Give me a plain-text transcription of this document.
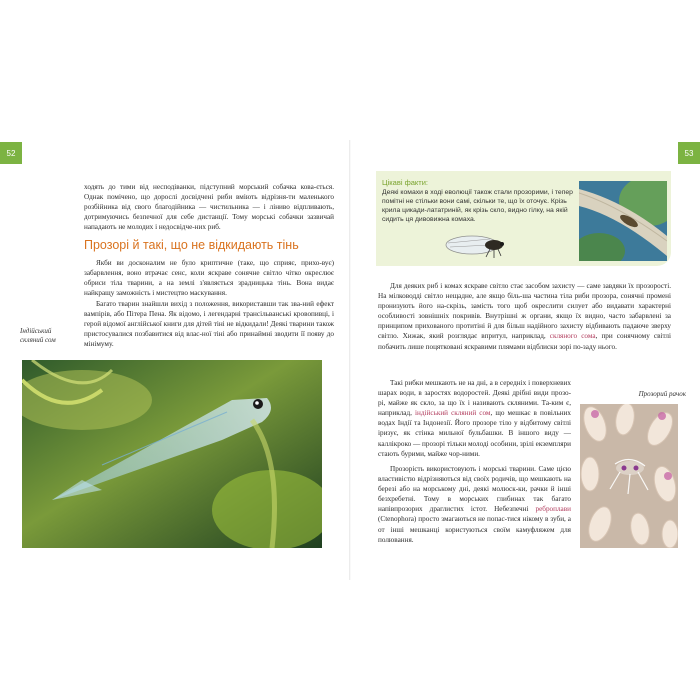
52	53

ходять до тими від несподіванки, підступний морський собачка кова-ється. Однак помічено, що дорослі досвідчені риби вміють відрізня-ти маленького розбійника від свого благодійника — чистильника — і ліниво відпливають, дотримуючись безпечної для себе дистанції. Тому морські собачки зазвичай нападають не молодих і недосвідче-них риб.

Прозорі й такі, що не відкидають тінь

Якби ви досконалим не було криптичне (таке, що сприяє, прихо-вує) забарвлення, воно втрачає сенс, коли яскраве сонячне світло чітко окреслює обриси тіла тварини, а на землі з'являється зрадницька тінь. Вона видає найкращу заможність і мистецтво маскування.

Багато тварин знайшли вихід з положення, використавши так зва-ний ефект вампірів, або Пітера Пена. Як відомо, і легендарні трансільванські кровопивці, і герой відомої англійської книги для дітей тіні не відкидали! Деякі тварини також пристосувалися позбавитися від влас-ної тіні або принаймні зводити її появу до мінімуму.

Індійський скляний сом
Цікаві факти:
Деякі комахи в ході еволюції також стали прозорими, і тепер помітні не стільки вони самі, скільки те, що їх оточує. Крізь крила цикади-лататриній, як крізь скло, видно гілку, на якій сидить ця дивовижна комаха.

Для деяких риб і комах яскраве світло стає засобом захисту — саме завдяки їх прозорості. На мілководді світло нещадне, але якщо біль-ша частина тіла риби прозора, сонячні промені пронизують його на-скрізь, замість того щоб окреслити силует або видавати характерні особливості зовнішніх покривів. Внутрішні ж органи, якщо їх видно, часто забарвлені за принципом прихованого протитіні й для більш надійного захисту відбивають падаюче зверху світло. Хижак, який розглядає впритул, наприклад, скляного сома, при сонячному світлі побачить лише поцятковані яскравими плямами відблиски зорі по-заду нього.

Такі рибки мешкають не на дні, а в середніх і поверхневих шарах води, в заростях водоростей. Деякі дрібні види прозо-рі, майже як скло, за що їх і називають скляними. Та-ким є, наприклад, індійський скляний сом, що мешкає в повільних водах Індії та Індонезії. Його прозоре тіло у відбитому світлі іризує, як стінка мильної бульбашки. В іншого виду — каллікроко — прозорі тільки молоді особини, зрілі екземпляри стають бурими, майже чор-ними.

Прозорість використовують і морські тварини. Саме цією властивістю відрізняються від своїх родичів, що мешкають на березі або на морському дні, деякі молюск-ки, рачки й інші безхребетні. Тому в морських глибинах так багато напівпрозорих драглистих істот. Небезпечні реброплави (Ctenophora) просто змагаються не попас-тися нікому в зуби, а от інші мешканці користуються своїм камуфляжем для полювання.

Прозорий рачок
